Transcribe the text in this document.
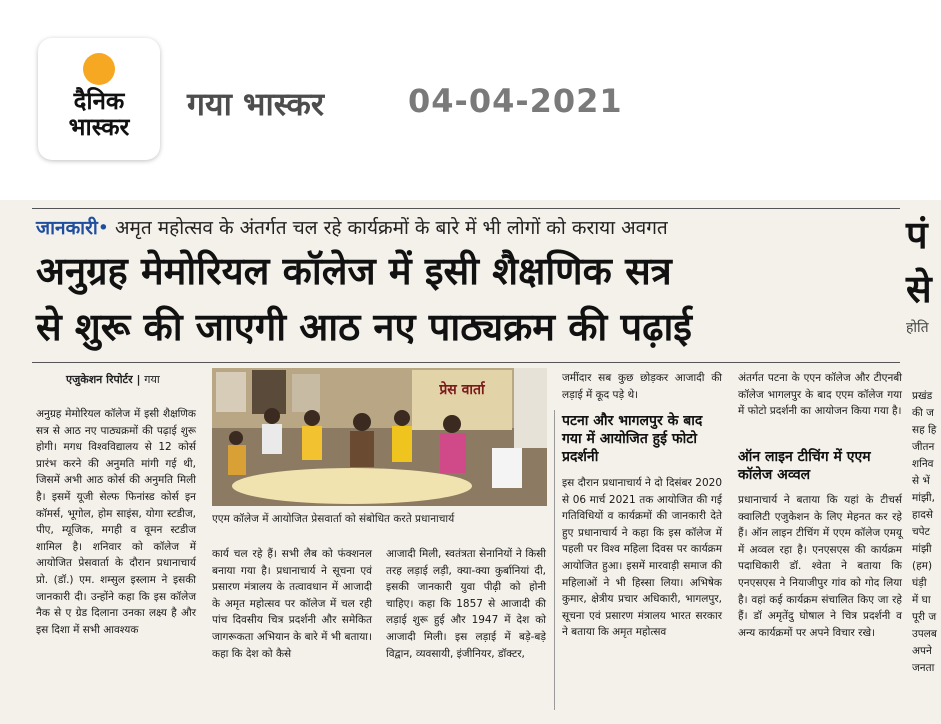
दैनिक
भास्कर
गया भास्कर	04-04-2021
जानकारी• अमृत महोत्सव के अंतर्गत चल रहे कार्यक्रमों के बारे में भी लोगों को कराया अवगत
अनुग्रह मेमोरियल कॉलेज में इसी शैक्षणिक सत्र
से शुरू की जाएगी आठ नए पाठ्यक्रम की पढ़ाई
पं
से
होति
प्रखंड
की ज
सह हि
जीतन
शनिव
से भें
मांझी,
हादसे
चपेट
मांझी
(हम)
घंड़ी
में घा
पूरी ज
उपलब
अपने
जनता
एजुकेशन रिपोर्टर | गया

अनुग्रह मेमोरियल कॉलेज में इसी शैक्षणिक सत्र से आठ नए पाठ्यक्रमों की पढ़ाई शुरू होगी। मगध विश्वविद्यालय से 12 कोर्स प्रारंभ करने की अनुमति मांगी गई थी, जिसमें अभी आठ कोर्स की अनुमति मिली है। इसमें यूजी सेल्फ फिनांस्ड कोर्स इन कॉमर्स, भूगोल, होम साइंस, योगा स्टडीज, पीए, म्यूजिक, मगही व वूमन स्टडीज शामिल है। शनिवार को कॉलेज में आयोजित प्रेसवार्ता के दौरान प्रधानाचार्य प्रो. (डॉ.) एम. शम्सुल इस्लाम ने इसकी जानकारी दी। उन्होंने कहा कि इस कॉलेज नैक से ए ग्रेड दिलाना उनका लक्ष्य है और इस दिशा में सभी आवश्यक

प्रेस वार्ता
एएम कॉलेज में आयोजित प्रेसवार्ता को संबोधित करते प्रधानाचार्य

कार्य चल रहे हैं। सभी लैब को फंक्शनल बनाया गया है। प्रधानाचार्य ने सूचना एवं प्रसारण मंत्रालय के तत्वावधान में आजादी के अमृत महोत्सव पर कॉलेज में चल रही पांच दिवसीय चित्र प्रदर्शनी और समेकित जागरूकता अभियान के बारे में भी बताया। कहा कि देश को कैसे

आजादी मिली, स्वतंत्रता सेनानियों ने किसी तरह लड़ाई लड़ी, क्या-क्या कुर्बानियां दी, इसकी जानकारी युवा पीढ़ी को होनी चाहिए। कहा कि 1857 से आजादी की लड़ाई शुरू हुई और 1947 में देश को आजादी मिली। इस लड़ाई में बड़े-बड़े विद्वान, व्यवसायी, इंजीनियर, डॉक्टर,

जमींदार सब कुछ छोड़कर आजादी की लड़ाई में कूद पड़े थे।

पटना और भागलपुर के बाद गया में आयोजित हुई फोटो प्रदर्शनी

इस दौरान प्रधानाचार्य ने दो दिसंबर 2020 से 06 मार्च 2021 तक आयोजित की गई गतिविधियों व कार्यक्रमों की जानकारी देते हुए प्रधानाचार्य ने कहा कि इस कॉलेज में पहली पर विश्व महिला दिवस पर कार्यक्रम आयोजित हुआ। इसमें मारवाड़ी समाज की महिलाओं ने भी हिस्सा लिया। अभिषेक कुमार, क्षेत्रीय प्रचार अधिकारी, भागलपुर, सूचना एवं प्रसारण मंत्रालय भारत सरकार ने बताया कि अमृत महोत्सव

अंतर्गत पटना के एएन कॉलेज और टीएनबी कॉलेज भागलपुर के बाद एएम कॉलेज गया में फोटो प्रदर्शनी का आयोजन किया गया है।

ऑन लाइन टीचिंग में एएम कॉलेज अव्वल

प्रधानाचार्य ने बताया कि यहां के टीचर्स क्वालिटी एजुकेशन के लिए मेहनत कर रहे हैं। ऑन लाइन टीचिंग में एएम कॉलेज एमयू में अव्वल रहा है। एनएसएस की कार्यक्रम पदाधिकारी डॉ. श्वेता ने बताया कि एनएसएस ने नियाजीपुर गांव को गोद लिया है। वहां कई कार्यक्रम संचालित किए जा रहे हैं। डॉ अमृतेंदु घोषाल ने चित्र प्रदर्शनी व अन्य कार्यक्रमों पर अपने विचार रखे।
